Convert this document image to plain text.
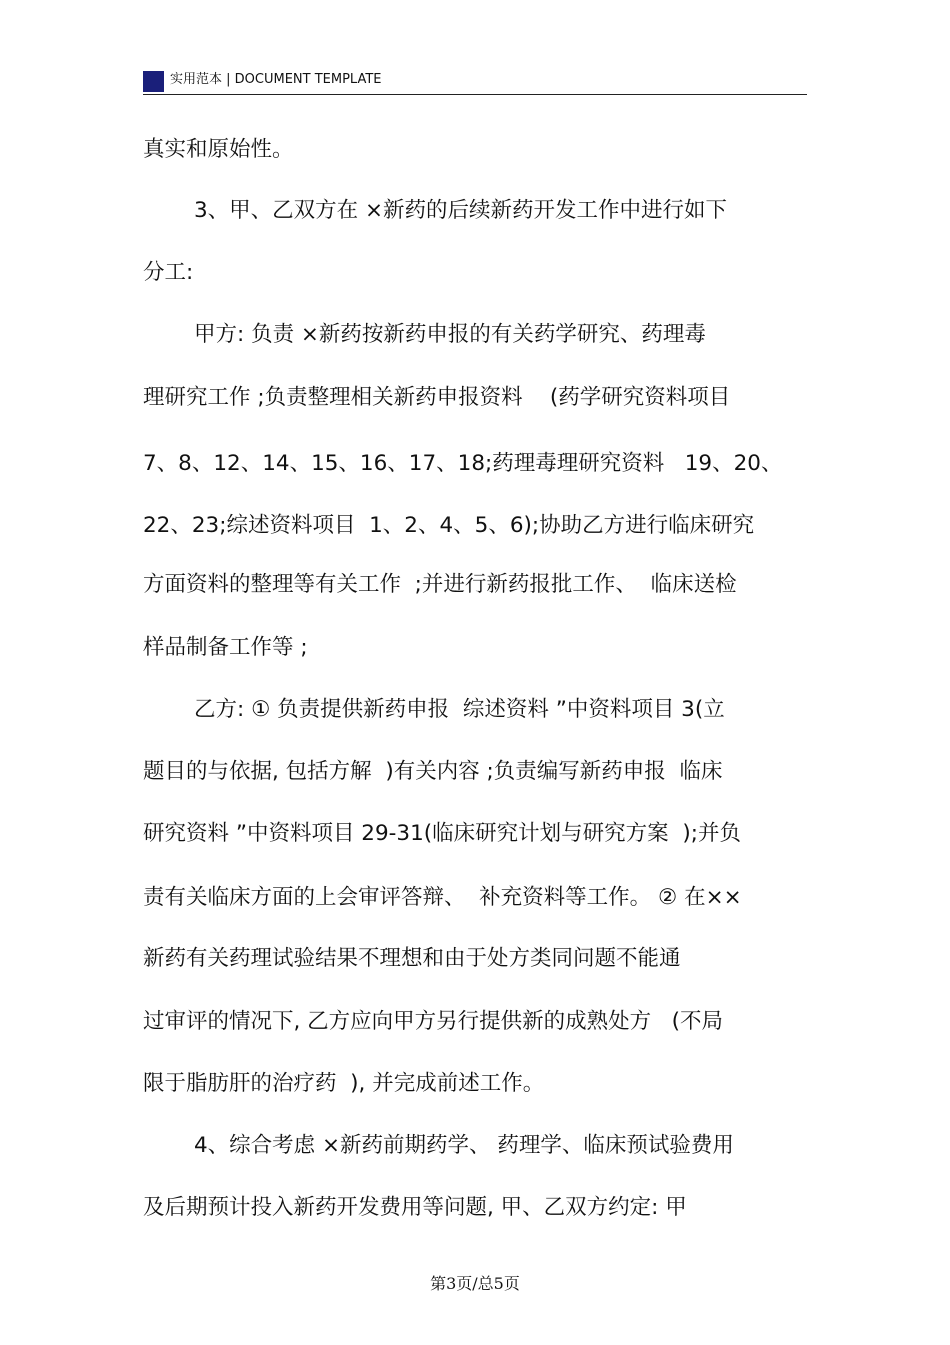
实用范本 | DOCUMENT TEMPLATE
真实和原始性。
3、甲、乙双方在 ×新药的后续新药开发工作中进行如下
分工:
甲方: 负责 ×新药按新药申报的有关药学研究、药理毒
理研究工作 ;负责整理相关新药申报资料    (药学研究资料项目
7、8、12、14、15、16、17、18;药理毒理研究资料   19、20、
22、23;综述资料项目  1、2、4、5、6);协助乙方进行临床研究
方面资料的整理等有关工作  ;并进行新药报批工作、  临床送检
样品制备工作等 ;
乙方: ① 负责提供新药申报  综述资料 ”中资料项目 3(立
题目的与依据, 包括方解  )有关内容 ;负责编写新药申报  临床
研究资料 ”中资料项目 29-31(临床研究计划与研究方案  );并负
责有关临床方面的上会审评答辩、  补充资料等工作。 ② 在××
新药有关药理试验结果不理想和由于处方类同问题不能通
过审评的情况下, 乙方应向甲方另行提供新的成熟处方   (不局
限于脂肪肝的治疗药  ), 并完成前述工作。
4、综合考虑 ×新药前期药学、 药理学、临床预试验费用
及后期预计投入新药开发费用等问题, 甲、乙双方约定: 甲
第3页/总5页
